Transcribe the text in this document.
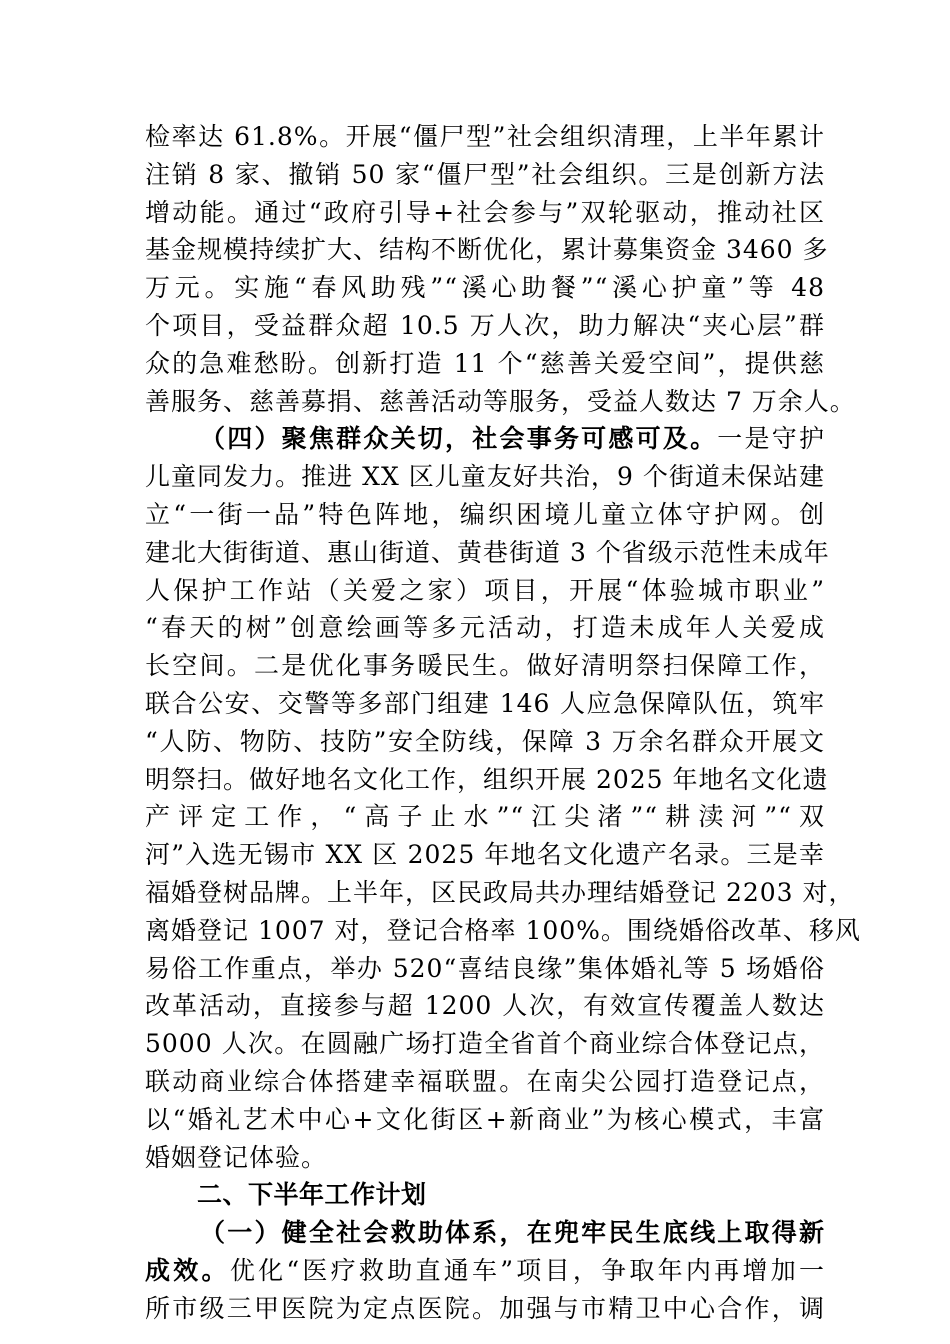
检率达 61.8%。开展“僵尸型”社会组织清理，上半年累计
注销 8 家、撤销 50 家“僵尸型”社会组织。三是创新方法
增动能。通过“政府引导+社会参与”双轮驱动，推动社区
基金规模持续扩大、结构不断优化，累计募集资金 3460 多
万元。实施“春风助残”“溪心助餐”“溪心护童”等 48
个项目，受益群众超 10.5 万人次，助力解决“夹心层”群
众的急难愁盼。创新打造 11 个“慈善关爱空间”，提供慈
善服务、慈善募捐、慈善活动等服务，受益人数达 7 万余人。
（四）聚焦群众关切，社会事务可感可及。一是守护
儿童同发力。推进 XX 区儿童友好共治，9 个街道未保站建
立“一街一品”特色阵地，编织困境儿童立体守护网。创
建北大街街道、惠山街道、黄巷街道 3 个省级示范性未成年
人保护工作站（关爱之家）项目，开展“体验城市职业”
“春天的树”创意绘画等多元活动，打造未成年人关爱成
长空间。二是优化事务暖民生。做好清明祭扫保障工作，
联合公安、交警等多部门组建 146 人应急保障队伍，筑牢
“人防、物防、技防”安全防线，保障 3 万余名群众开展文
明祭扫。做好地名文化工作，组织开展 2025 年地名文化遗
产评定工作，“高子止水”“江尖渚”“耕渎河”“双
河”入选无锡市 XX 区 2025 年地名文化遗产名录。三是幸
福婚登树品牌。上半年，区民政局共办理结婚登记 2203 对，
离婚登记 1007 对，登记合格率 100%。围绕婚俗改革、移风
易俗工作重点，举办 520“喜结良缘”集体婚礼等 5 场婚俗
改革活动，直接参与超 1200 人次，有效宣传覆盖人数达
5000 人次。在圆融广场打造全省首个商业综合体登记点，
联动商业综合体搭建幸福联盟。在南尖公园打造登记点，
以“婚礼艺术中心+文化街区+新商业”为核心模式，丰富
婚姻登记体验。
二、下半年工作计划
（一）健全社会救助体系，在兜牢民生底线上取得新
成效。优化“医疗救助直通车”项目，争取年内再增加一
所市级三甲医院为定点医院。加强与市精卫中心合作，调
